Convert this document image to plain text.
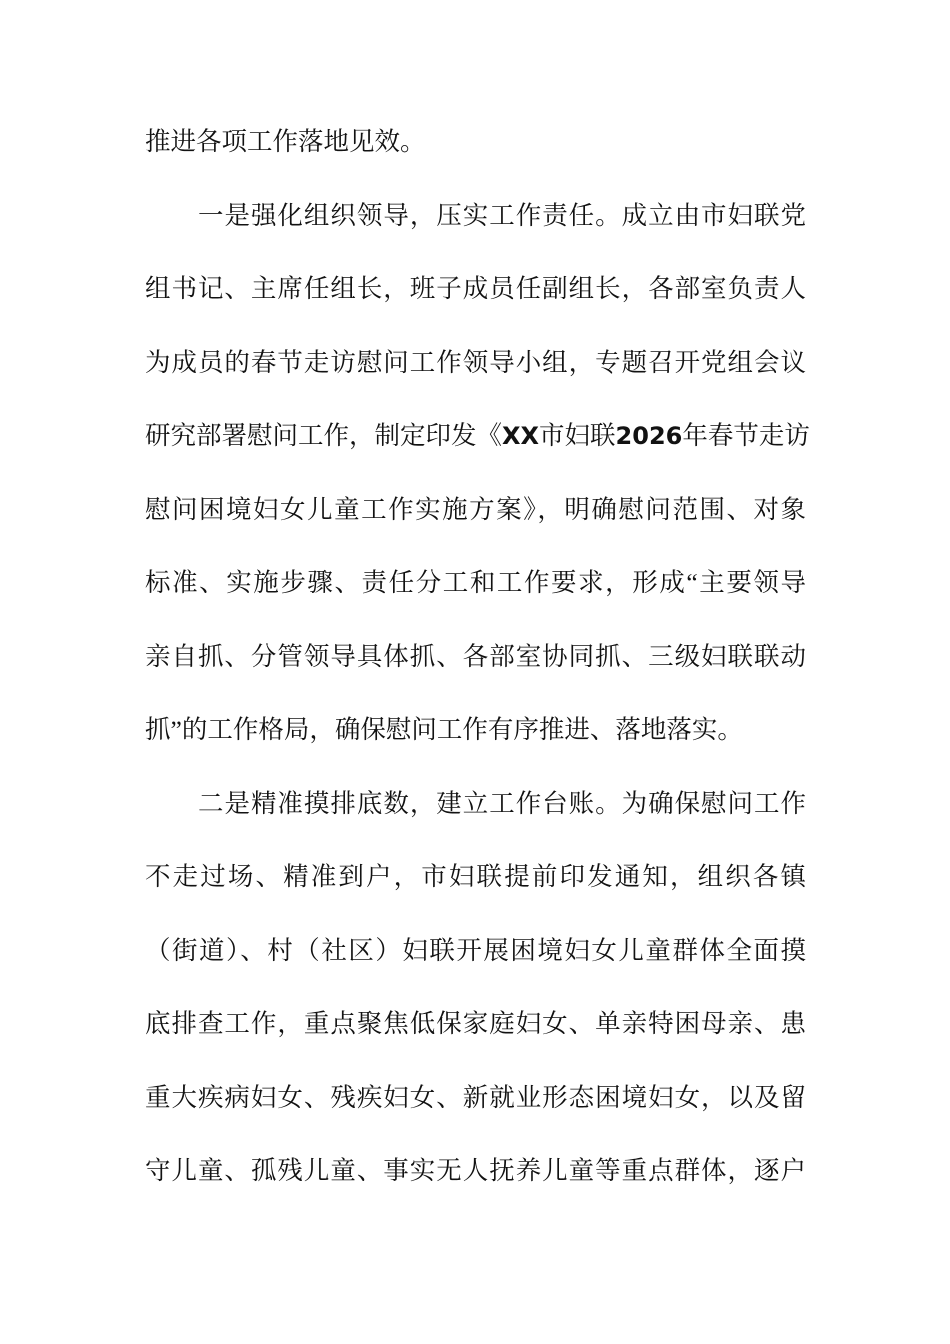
推进各项工作落地见效。
一是强化组织领导，压实工作责任。成立由市妇联党
组书记、主席任组长，班子成员任副组长，各部室负责人
为成员的春节走访慰问工作领导小组，专题召开党组会议
研究部署慰问工作，制定印发《XX市妇联2026年春节走访
慰问困境妇女儿童工作实施方案》，明确慰问范围、对象
标准、实施步骤、责任分工和工作要求，形成“主要领导
亲自抓、分管领导具体抓、各部室协同抓、三级妇联联动
抓”的工作格局，确保慰问工作有序推进、落地落实。
二是精准摸排底数，建立工作台账。为确保慰问工作
不走过场、精准到户，市妇联提前印发通知，组织各镇
（街道）、村（社区）妇联开展困境妇女儿童群体全面摸
底排查工作，重点聚焦低保家庭妇女、单亲特困母亲、患
重大疾病妇女、残疾妇女、新就业形态困境妇女，以及留
守儿童、孤残儿童、事实无人抚养儿童等重点群体，逐户
